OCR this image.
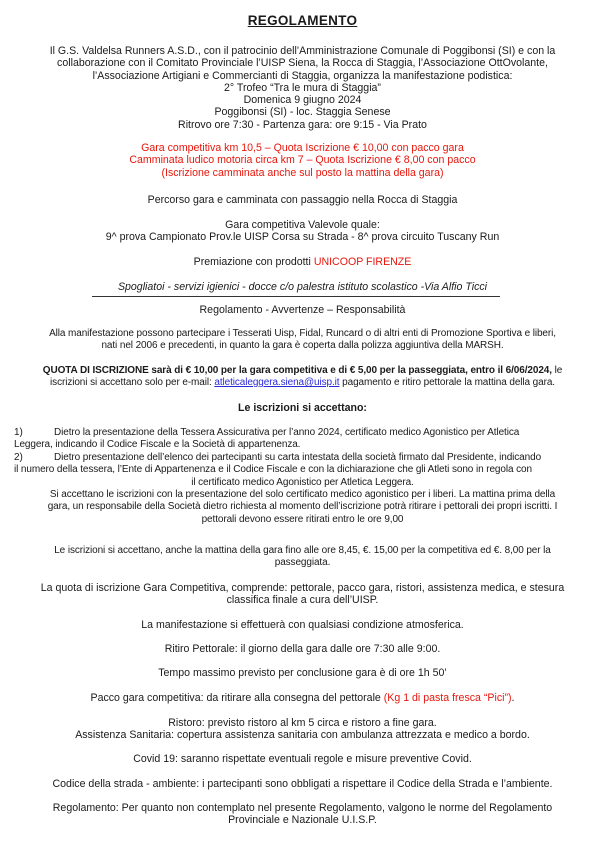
REGOLAMENTO
Il G.S. Valdelsa Runners A.S.D., con il patrocinio dell’Amministrazione Comunale di Poggibonsi (SI) e con la
collaborazione con il Comitato Provinciale l’UISP Siena, la Rocca di Staggia, l’Associazione OttOvolante,
l’Associazione Artigiani e Commercianti di Staggia, organizza la manifestazione podistica:
2° Trofeo “Tra le mura di Staggia”
Domenica 9 giugno 2024
Poggibonsi (SI) - loc. Staggia Senese
Ritrovo ore 7:30 - Partenza gara: ore 9:15 - Via Prato
Gara competitiva km 10,5 – Quota Iscrizione € 10,00 con pacco gara
Camminata ludico motoria circa km 7 – Quota Iscrizione € 8,00 con pacco
(Iscrizione camminata anche sul posto la mattina della gara)
Percorso gara e camminata con passaggio nella Rocca di Staggia
Gara competitiva Valevole quale:
9^ prova Campionato Prov.le UISP Corsa su Strada - 8^ prova circuito Tuscany Run
Premiazione con prodotti UNICOOP FIRENZE
Spogliatoi - servizi igienici - docce c/o palestra istituto scolastico -Via Alfio Ticci
Regolamento - Avvertenze – Responsabilità
Alla manifestazione possono partecipare i Tesserati Uisp, Fidal, Runcard o di altri enti di Promozione Sportiva e liberi,
nati nel 2006 e precedenti, in quanto la gara è coperta dalla polizza aggiuntiva della MARSH.
QUOTA DI ISCRIZIONE sarà di € 10,00 per la gara competitiva e di € 5,00 per la passeggiata, entro il 6/06/2024, le
iscrizioni si accettano solo per e-mail: atleticaleggera.siena@uisp.it pagamento e ritiro pettorale la mattina della gara.
Le iscrizioni si accettano:
1)	Dietro la presentazione della Tessera Assicurativa per l’anno 2024, certificato medico Agonistico per Atletica
Leggera, indicando il Codice Fiscale e la Società di appartenenza.
2)	Dietro presentazione dell’elenco dei partecipanti su carta intestata della società firmato dal Presidente, indicando
il numero della tessera, l’Ente di Appartenenza e il Codice Fiscale e con la dichiarazione che gli Atleti sono in regola con
il certificato medico Agonistico per Atletica Leggera.
Si accettano le iscrizioni con la presentazione del solo certificato medico agonistico per i liberi. La mattina prima della
gara, un responsabile della Società dietro richiesta al momento dell’iscrizione potrà ritirare i pettorali dei propri iscritti. I
pettorali devono essere ritirati entro le ore 9,00
Le iscrizioni si accettano, anche la mattina della gara fino alle ore 8,45, €. 15,00 per la competitiva ed €. 8,00 per la
passeggiata.
La quota di iscrizione Gara Competitiva, comprende: pettorale, pacco gara, ristori, assistenza medica, e stesura
classifica finale a cura dell’UISP.
La manifestazione si effettuerà con qualsiasi condizione atmosferica.
Ritiro Pettorale: il giorno della gara dalle ore 7:30 alle 9:00.
Tempo massimo previsto per conclusione gara è di ore 1h 50’
Pacco gara competitiva: da ritirare alla consegna del pettorale (Kg 1 di pasta fresca “Pici”).
Ristoro: previsto ristoro al km 5 circa e ristoro a fine gara.
Assistenza Sanitaria: copertura assistenza sanitaria con ambulanza attrezzata e medico a bordo.
Covid 19: saranno rispettate eventuali regole e misure preventive Covid.
Codice della strada - ambiente: i partecipanti sono obbligati a rispettare il Codice della Strada e l’ambiente.
Regolamento: Per quanto non contemplato nel presente Regolamento, valgono le norme del Regolamento
Provinciale e Nazionale U.I.S.P.
